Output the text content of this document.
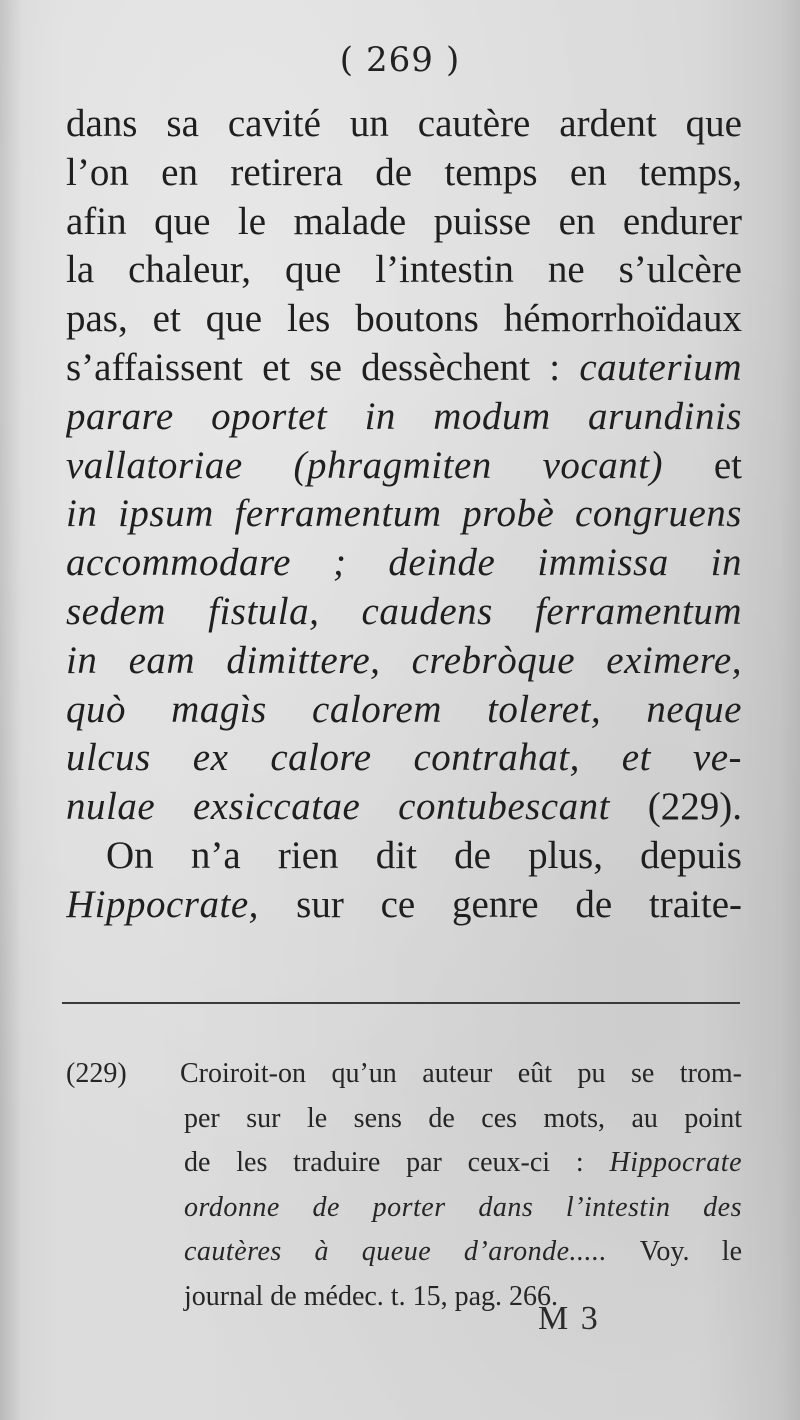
( 269 )
dans sa cavité un cautère ardent que
l’on en retirera de temps en temps,
afin que le malade puisse en endurer
la chaleur, que l’intestin ne s’ulcère
pas, et que les boutons hémorrhoïdaux
s’affaissent et se dessèchent : cauterium
parare oportet in modum arundinis
vallatoriae (phragmiten vocant) et
in ipsum ferramentum probè congruens
accommodare ; deinde immissa in
sedem fistula, caudens ferramentum
in eam dimittere, crebròque eximere,
quò magìs calorem toleret, neque
ulcus ex calore contrahat, et ve-
nulae exsiccatae contubescant (229).
On n’a rien dit de plus, depuis
Hippocrate, sur ce genre de traite-
(229) Croiroit-on qu’un auteur eût pu se trom-
per sur le sens de ces mots, au point
de les traduire par ceux-ci : Hippocrate
ordonne de porter dans l’intestin des
cautères à queue d’aronde..... Voy. le
journal de médec. t. 15, pag. 266.
M 3
